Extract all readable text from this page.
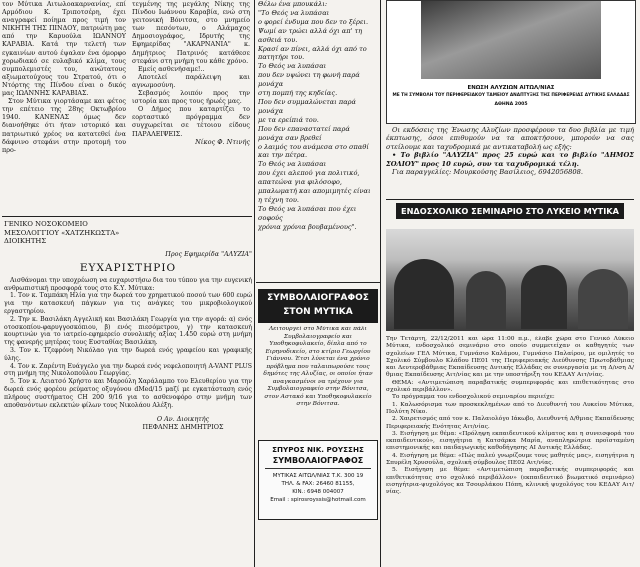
τον Μύτικα Αιτωλοακαρνανίας, επί Αρμόδιου Κ. Τριποτσέρη, έχει αναγραφεί ποίημα προς τιμή τον ΝΙΚΗΤΗ ΤΗΣ ΠΙΝΔΟΥ, πατριώτη μας από την Καρυούλα ΙΩΑΝΝΟΥ ΚΑΡΑΒΙΑ. Κατά την τελετή των εγκαινίων αυτού έψαλαν ένα όμορφο χορωδιακό σε ευλαβικό κλίμα, τους συμπολεμιστές του, ανώτατους αξιωματούχους του Στρατού, ότι ο Ντόρτης της Πίνδου είναι ο δικός μας ΙΩΑΝΝΗΣ ΚΑΡΑΒΙΑΣ.

Στον Μύτικα γιορτάσαμε και φέτος την επέτειο της 28ης Οκτωβρίου 1940. ΚΑΝΕΝΑΣ όμως δεν διανοήθηκε ότι ήταν ιστορικό και πατριωτικό χρέος να κατατεθεί ένα δάφνινο στεφάνι στην προτομή του προ-

τεγμένης της μεγάλης Νίκης της Πίνδου Ιωάννου Καραβία, ενώ στη γειτονική Βόνιτσα, στο μνημείο των πεσόντων, ο Αλάμαχος Δημοσιογράφος, Ιδρυτής της Εφημερίδας "ΑΚΑΡΝΑΝΙΑ" κ. Δημήτριος Πατρινός κατάθεσε στεφάνι στη μνήμη του κάθε χρόνο.

Εμείς ασθενήσαμε!..

Αποτελεί παράλειψη και αγνωμοσύνη.

Σεβασμός λοιπόν προς την ιστορία και προς τους ήρωές μας.

Ο Δήμος που καταρτίζει το εορταστικό πρόγραμμα δεν συγχωρείται σε τέτοιου είδους ΠΑΡΑΛΕΙΨΕΙΣ.

Νίκος Φ. Ντινής

Θέλω ένα μπουκάλι:

"Το Θεός να λυπάσαι

ο φορεί ένδυμα που δεν το ξέρει.

Ψωμί αν τρώει αλλά όχι απ' τη

ασθειά του.

Κρασί αν πίνει, αλλά όχι από το

πατητήρι του.

Το Θεός να λυπάσαι

που δεν υψώνει τη φωνή παρά μονάχα

στη πομπή της κηδείας.

Που δεν συμμαλώνεται παρά μονάχα

με τα ερείπιά του.

Που δεν επαναστατεί παρά μονάχα σαν βρεθεί

ο λαιμός του ανάμεσα στο σπαθί

και την πέτρα.

Το Θεός να λυπάσαι

που έχει αλεπού για πολιτικό,

απατεώνα για φιλόσοφο,

μπαλωματή και απομιμητές είναι η τέχνη του.

Το Θεός να λυπάσαι που έχει σοφούς

χρόνια χρόνια βουβαμένους".

ΕΝΩΣΗ ΑΛΥΖΙΩΝ ΑΙΤΩΛ/ΝΙΑΣ
ΜΕ ΤΗ ΣΥΜΒΟΛΗ ΤΟΥ ΠΕΡΙΦΕΡΕΙΑΚΟΥ ΤΑΜΕΙΟΥ ΑΝΑΠΤΥΞΗΣ ΤΗΣ ΠΕΡΙΦΕΡΕΙΑΣ ΔΥΤΙΚΗΣ ΕΛΛΑΔΑΣ
ΑΘΗΝΑ 2005

Οι εκδόσεις της Ένωσης Αλυζίων προσφέρουν τα δυο βιβλία με τιμή έκπτωσης, όσοι επιθυμούν να τα αποκτήσουν, μπορούν να σας στείλουμε και ταχυδρομικά με αντικαταβολή ως εξής:

• Το βιβλίο "ΑΛΥΖΙΑ" προς 25 ευρώ και το βιβλίο "ΔΗΜΟΣ ΣΟΛΙΟΥ" προς 10 ευρώ, συν τα ταχυδρομικά τέλη.

Για παραγγελίες: Μουρκούσης Βασίλειος, 6942056808.

ΕΝΔΟΣΧΟΛΙΚΟ ΣΕΜΙΝΑΡΙΟ ΣΤΟ ΛΥΚΕΙΟ ΜΥΤΙΚΑ

Την Τετάρτη, 22/12/2011 και ώρα 11:00 π.μ., έλαβε χώρα στο Γενικό Λύκειο Μύτικα, ενδοσχολικό σεμινάριο στο οποίο συμμετείχαν οι καθηγητές των σχολείων ΓΕΛ Μύτικα, Γυμνάσιο Καλάμου, Γυμνάσιο Παλαίρου, με ομιλητές το Σχολικό Σύμβουλο Κλάδου ΠΕ01 της Περιφερειακής Διεύθυνσης Πρωτοβάθμιας και Δευτεροβάθμιας Εκπαίδευσης Δυτικής Ελλάδας σε συνεργασία με τη Δ/νση Δ/θμιας Εκπαίδευσης Αιτ/νίας και με την υποστήριξη του ΚΕΔΑΥ Αιτ/νίας.

ΘΕΜΑ: «Αντιμετώπιση παραβατικής συμπεριφοράς και επιθετικότητας στο σχολικό περιβάλλον».

Το πρόγραμμα του ενδοσχολικού σεμιναρίου περιείχε:

1. Καλωσόρισμα των προσκεκλημένων από το Διευθυντή του Λυκείου Μύτικα, Πολύτη Νίκο.

2. Χαιρετισμός από τον κ. Παλαιολόγο Ιάκωβο, Διευθυντή Δ/θμιας Εκπαίδευσης Περιφερειακής Ενότητας Αιτ/νίας.

3. Εισήγηση με θέμα: «Πρόληψη εκπαιδευτικού κλίματος και η συνεισφορά του εκπαιδευτικού», εισηγήτρια η Κατσάρκα Μαρία, αναπληρώτρια προϊσταμένη επιστημονικής και παιδαγωγικής καθοδήγησης ΑΙ Δυτικής Ελλάδας.

4. Εισήγηση με θέμα: «Πώς παλεύ γνωρίζουμε τους μαθητές μας», εισηγήτρια η Σπυρέλη Χρυσούλα, σχολική σύμβουλος ΠΕ02 Αιτ/νίας.

5. Εισήγηση με θέμα: «Αντιμετώπιση παραβατικής συμπεριφοράς και επιθετικότητας στο σχολικό περιβάλλον» (εκπαιδευτικό βιωματικό σεμινάριο) εισηγήτρια-ψυχολόγος κα Τσουρλάκου Πόπη, κλινική ψυχολόγος του ΚΕΔΑΥ Αιτ/νίας.

ΓΕΝΙΚΟ ΝΟΣΟΚΟΜΕΙΟ
ΜΕΣΟΛΟΓΓΙΟΥ «ΧΑΤΖΗΚΩΣΤΑ»
ΔΙΟΙΚΗΤΗΣ
Προς Εφημερίδα "ΑΛΥΖΙΑ"
ΕΥΧΑΡΙΣΤΗΡΙΟ

Αισθάνομαι την υποχρέωση να ευχαριστήσω δια του τύπου για την ευγενική ανθρωπιστική προσφορά τους στο Κ.Υ. Μύτικα:

1. Τον κ. Ταμπάκη Ηλία για την δωρεά του χρηματικού ποσού των 600 ευρώ για την κατασκευή πάγκων για τις ανάγκες του μικροβιολογικού εργαστηρίου.

2. Την κ. Βασιλάκη Αγγελική και Βασιλάκη Γεωργία για την αγορά: α) ενός οτοσκοπίου-φαρυγγοσκόπιου, β) ενός πιεσόμετρου, γ) την κατασκευή κουρτινών για το ιατρείο-εφημερείο συνολικής αξίας 1.450 ευρώ στη μνήμη της φανερής μητέρας τους Ευσταθίας Βασιλάκη.

3. Τον κ. Τζεφρόνη Νικόλαο για την δωρεά ενός γραφείου και γραφικής ύλης.

4. Τον κ. Ζαρέντη Ευάγγελο για την δωρεά ενός νεφελοποιητή A-VANT PLUS στη μνήμη της Νικολοπούλου Γεωργίας.

5. Τον κ. Λειατσό Χρήστο και Μαρούλη Χαράλαμπο του Ελευθερίου για την δωρεά ενός φορέου ρεύματος οξυγόνου dMed/15 μαζί με εγκατάσταση ενός πλήρους συστήματος CH 200 9/16 για το ασθενοφόρο στην μνήμη των αποθανόντων εκλεκτών φίλων τους Νικολάου Αλέξη.

Ο Αν. Διοικητής
ΠΕΦΑΝΗΣ ΔΗΜΗΤΡΙΟΣ
ΣΥΜΒΟΛΑΙΟΓΡΑΦΟΣ
ΣΤΟΝ ΜΥΤΙΚΑ
Λειτουργεί στο Μύτικα και πάλι Συμβολαιογραφείο και Υποθηκοφυλακείο, δίπλα από το Ειρηνοδικείο, στο κτίριο Γεωργίου Γιάννου. Έτσι λύνεται ένα χρόνιο πρόβλημα που ταλαιπωρούσε τους δημότες της Αλυζίας, οι οποίοι ήταν αναγκασμένοι να τρέχουν για Συμβολαιογραφείο στην Βόνιτσα, στον Αστακό και Υποθηκοφυλακείο στην Βόνιτσα.
ΣΠΥΡΟΣ ΝΙΚ. ΡΟΥΣΣΗΣ
ΣΥΜΒΟΛΑΙΟΓΡΑΦΟΣ
ΜΥΤΙΚΑΣ ΑΙΤΩΛ/ΝΙΑΣ Τ.Κ. 300 19
ΤΗΛ. & FAX: 26460 81155,
ΚΙΝ.: 6948 004007
Email : spirosroyssis@hotmail.com
